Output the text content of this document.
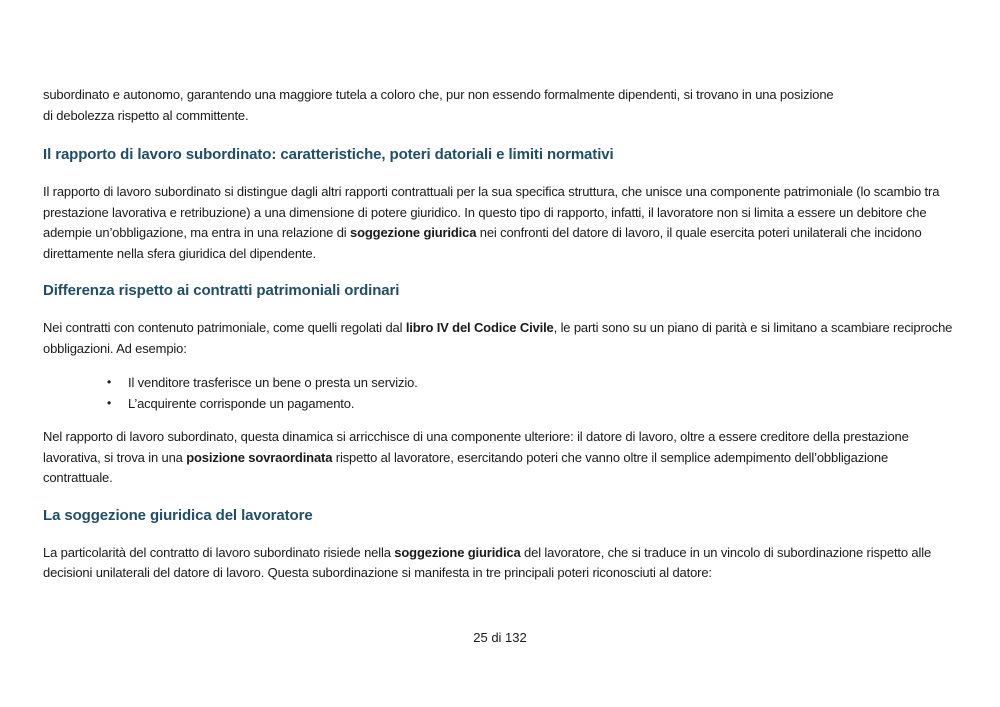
subordinato e autonomo, garantendo una maggiore tutela a coloro che, pur non essendo formalmente dipendenti, si trovano in una posizione
di debolezza rispetto al committente.

Il rapporto di lavoro subordinato: caratteristiche, poteri datoriali e limiti normativi

Il rapporto di lavoro subordinato si distingue dagli altri rapporti contrattuali per la sua specifica struttura, che unisce una componente patrimoniale (lo scambio tra prestazione lavorativa e retribuzione) a una dimensione di potere giuridico. In questo tipo di rapporto, infatti, il lavoratore non si limita a essere un debitore che adempie un’obbligazione, ma entra in una relazione di soggezione giuridica nei confronti del datore di lavoro, il quale esercita poteri unilaterali che incidono direttamente nella sfera giuridica del dipendente.

Differenza rispetto ai contratti patrimoniali ordinari

Nei contratti con contenuto patrimoniale, come quelli regolati dal libro IV del Codice Civile, le parti sono su un piano di parità e si limitano a scambiare reciproche obbligazioni. Ad esempio:

• Il venditore trasferisce un bene o presta un servizio.
• L’acquirente corrisponde un pagamento.

Nel rapporto di lavoro subordinato, questa dinamica si arricchisce di una componente ulteriore: il datore di lavoro, oltre a essere creditore della prestazione lavorativa, si trova in una posizione sovraordinata rispetto al lavoratore, esercitando poteri che vanno oltre il semplice adempimento dell’obbligazione contrattuale.

La soggezione giuridica del lavoratore

La particolarità del contratto di lavoro subordinato risiede nella soggezione giuridica del lavoratore, che si traduce in un vincolo di subordinazione rispetto alle decisioni unilaterali del datore di lavoro. Questa subordinazione si manifesta in tre principali poteri riconosciuti al datore:

25 di 132
